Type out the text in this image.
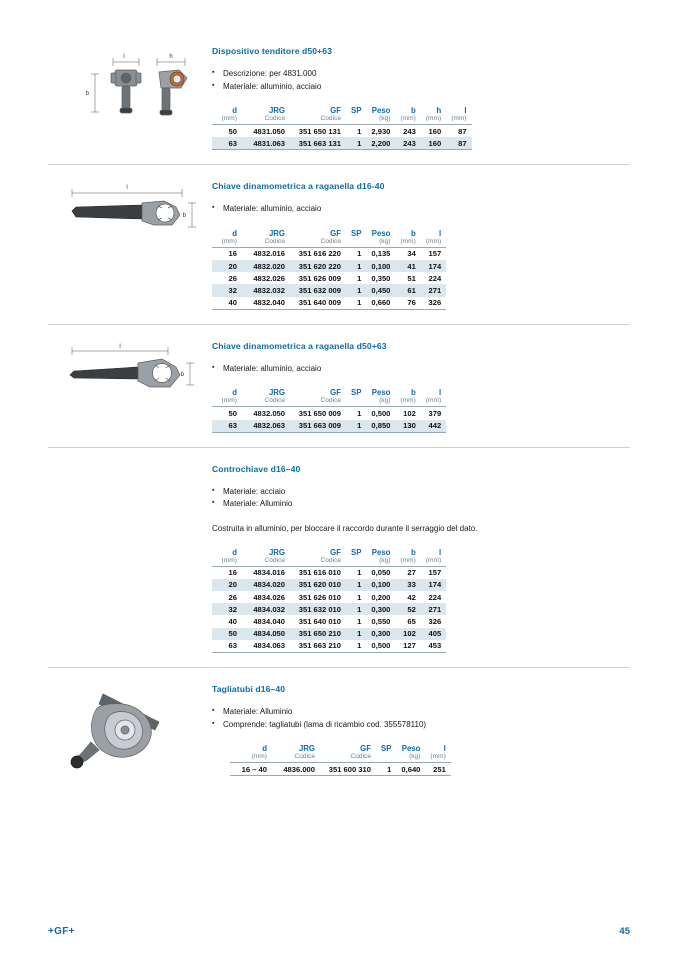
l	h
b
Dispositivo tenditore d50+63
▪ Descrizione: per 4831.000
▪ Materiale: alluminio, acciaio
d	JRG	GF	SP	Peso	b	h	l
(mm)	Codice	Codice		(kg)	(mm)	(mm)	(mm)
50	4831.050	351 650 131	1	2,930	243	160	87
63	4831.063	351 663 131	1	2,200	243	160	87
l
b
Chiave dinamometrica a raganella d16-40
▪ Materiale: alluminio, acciaio
d	JRG	GF	SP	Peso	b	l
(mm)	Codice	Codice		(kg)	(mm)	(mm)
16	4832.016	351 616 220	1	0,135	34	157
20	4832.020	351 620 220	1	0,100	41	174
26	4832.026	351 626 009	1	0,350	51	224
32	4832.032	351 632 009	1	0,450	61	271
40	4832.040	351 640 009	1	0,660	76	326
l
b
Chiave dinamometrica a raganella d50+63
▪ Materiale: alluminio, acciaio
d	JRG	GF	SP	Peso	b	l
(mm)	Codice	Codice		(kg)	(mm)	(mm)
50	4832.050	351 650 009	1	0,500	102	379
63	4832.063	351 663 009	1	0,850	130	442
Controchiave d16–40
▪ Materiale: acciaio
▪ Materiale: Alluminio

Costruita in alluminio, per bloccare il raccordo durante il serraggio del dato.

d	JRG	GF	SP	Peso	b	l
(mm)	Codice	Codice		(kg)	(mm)	(mm)
16	4834.016	351 616 010	1	0,050	27	157
20	4834.020	351 620 010	1	0,100	33	174
26	4834.026	351 626 010	1	0,200	42	224
32	4834.032	351 632 010	1	0,300	52	271
40	4834.040	351 640 010	1	0,550	65	326
50	4834.050	351 650 210	1	0,300	102	405
63	4834.063	351 663 210	1	0,500	127	453
Tagliatubi d16–40
▪ Materiale: Alluminio
▪ Comprende: tagliatubi (lama di ricambio cod. 355578110)
d	JRG	GF	SP	Peso	l
(mm)	Codice	Codice		(kg)	(mm)
16 – 40	4836.000	351 600 310	1	0,640	251
+GF+	45
